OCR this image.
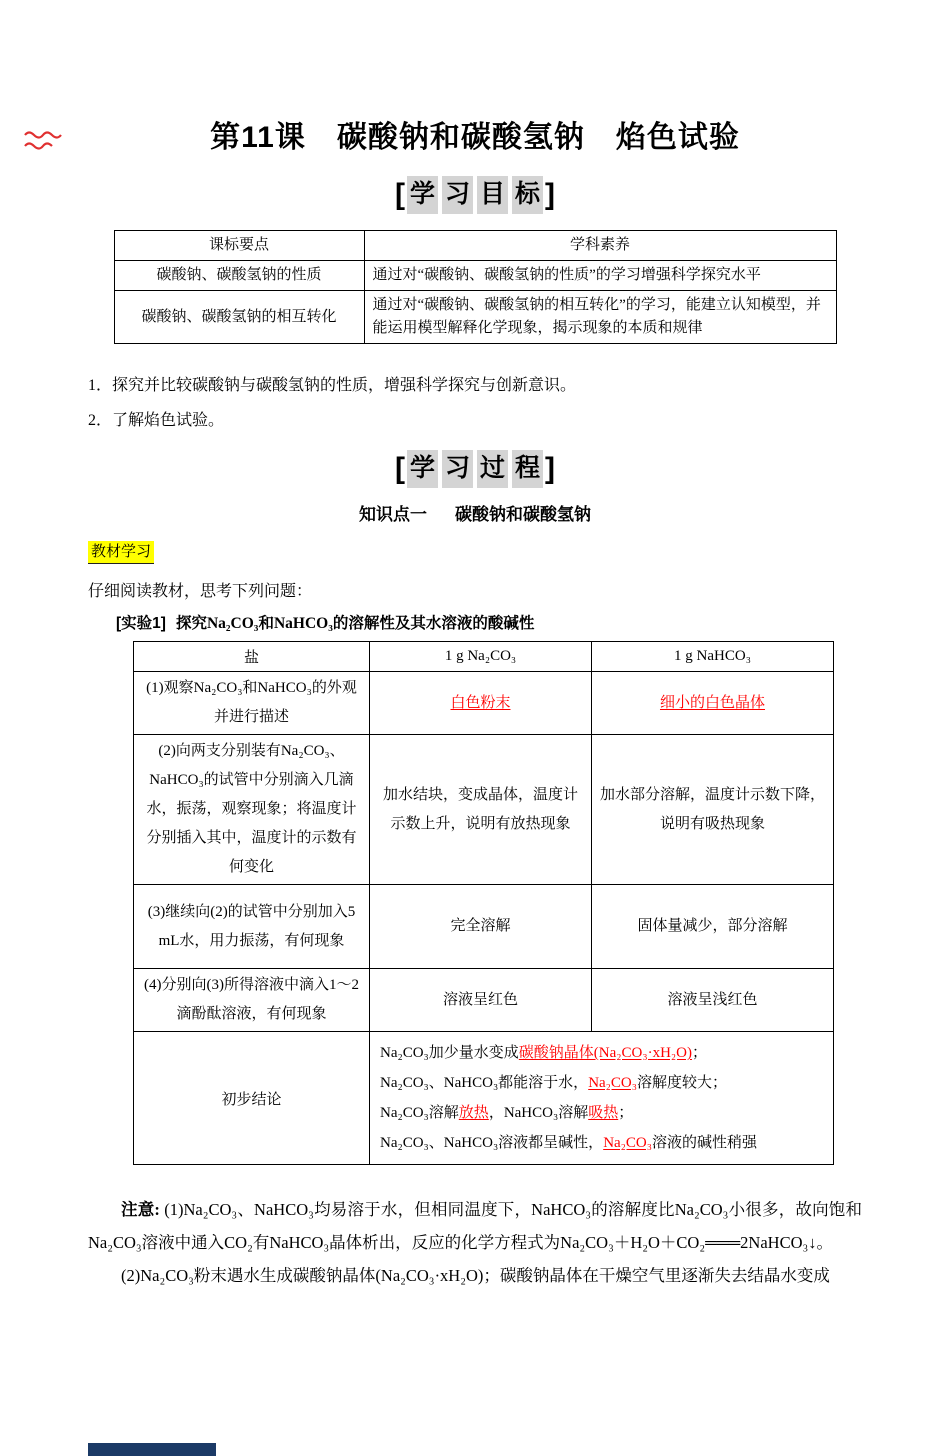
第11课　碳酸钠和碳酸氢钠　焰色试验
[ 学 习 目 标 ]
课标要点	学科素养
碳酸钠、碳酸氢钠的性质	通过对“碳酸钠、碳酸氢钠的性质”的学习增强科学探究水平
碳酸钠、碳酸氢钠的相互转化	通过对“碳酸钠、碳酸氢钠的相互转化”的学习，能建立认知模型，并能运用模型解释化学现象，揭示现象的本质和规律

1．探究并比较碳酸钠与碳酸氢钠的性质，增强科学探究与创新意识。

2．了解焰色试验。

[ 学 习 过 程 ]
知识点一 碳酸钠和碳酸氢钠
教材学习

仔细阅读教材，思考下列问题：

[实验1] 探究Na₂CO₃和NaHCO₃的溶解性及其水溶液的酸碱性

盐	1 g Na₂CO₃	1 g NaHCO₃
(1)观察Na₂CO₃和NaHCO₃的外观并进行描述	白色粉末	细小的白色晶体
(2)向两支分别装有Na₂CO₃、NaHCO₃的试管中分别滴入几滴水，振荡，观察现象；将温度计分别插入其中，温度计的示数有何变化	加水结块，变成晶体，温度计示数上升，说明有放热现象	加水部分溶解，温度计示数下降，说明有吸热现象
(3)继续向(2)的试管中分别加入5 mL水，用力振荡，有何现象	完全溶解	固体量减少，部分溶解
(4)分别向(3)所得溶液中滴入1～2滴酚酞溶液，有何现象	溶液呈红色	溶液呈浅红色
初步结论	Na₂CO₃加少量水变成碳酸钠晶体(Na₂CO₃·xH₂O)；

Na₂CO₃、NaHCO₃都能溶于水，Na₂CO₃溶解度较大；

Na₂CO₃溶解放热，NaHCO₃溶解吸热；

Na₂CO₃、NaHCO₃溶液都呈碱性，Na₂CO₃溶液的碱性稍强	

注意: (1)Na₂CO₃、NaHCO₃均易溶于水，但相同温度下，NaHCO₃的溶解度比Na₂CO₃小很多，故向饱和Na₂CO₃溶液中通入CO₂有NaHCO₃晶体析出，反应的化学方程式为Na₂CO₃＋H₂O＋CO₂═══2NaHCO₃↓。

(2)Na₂CO₃粉末遇水生成碳酸钠晶体(Na₂CO₃·xH₂O)；碳酸钠晶体在干燥空气里逐渐失去结晶水变成
